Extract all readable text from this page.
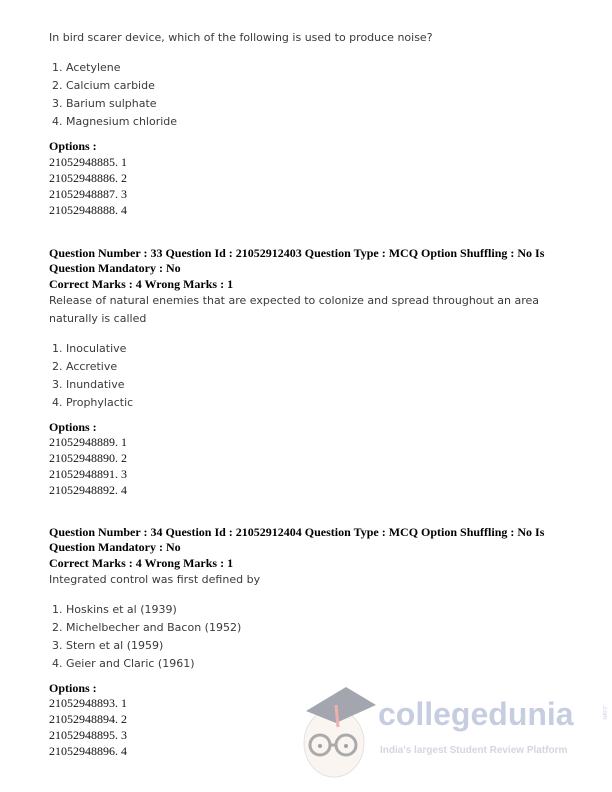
In bird scarer device, which of the following is used to produce noise?
1. Acetylene
2. Calcium carbide
3. Barium sulphate
4. Magnesium chloride
Options :
21052948885. 1
21052948886. 2
21052948887. 3
21052948888. 4
Question Number : 33 Question Id : 21052912403 Question Type : MCQ Option Shuffling : No Is Question Mandatory : No
Correct Marks : 4 Wrong Marks : 1
Release of natural enemies that are expected to colonize and spread throughout an area naturally is called
1. Inoculative
2. Accretive
3. Inundative
4. Prophylactic
Options :
21052948889. 1
21052948890. 2
21052948891. 3
21052948892. 4
Question Number : 34 Question Id : 21052912404 Question Type : MCQ Option Shuffling : No Is Question Mandatory : No
Correct Marks : 4 Wrong Marks : 1
Integrated control was first defined by
1. Hoskins et al (1939)
2. Michelbecher and Bacon (1952)
3. Stern et al (1959)
4. Geier and Claric (1961)
Options :
21052948893. 1
21052948894. 2
21052948895. 3
21052948896. 4
collegedunia	.com
India's largest Student Review Platform
